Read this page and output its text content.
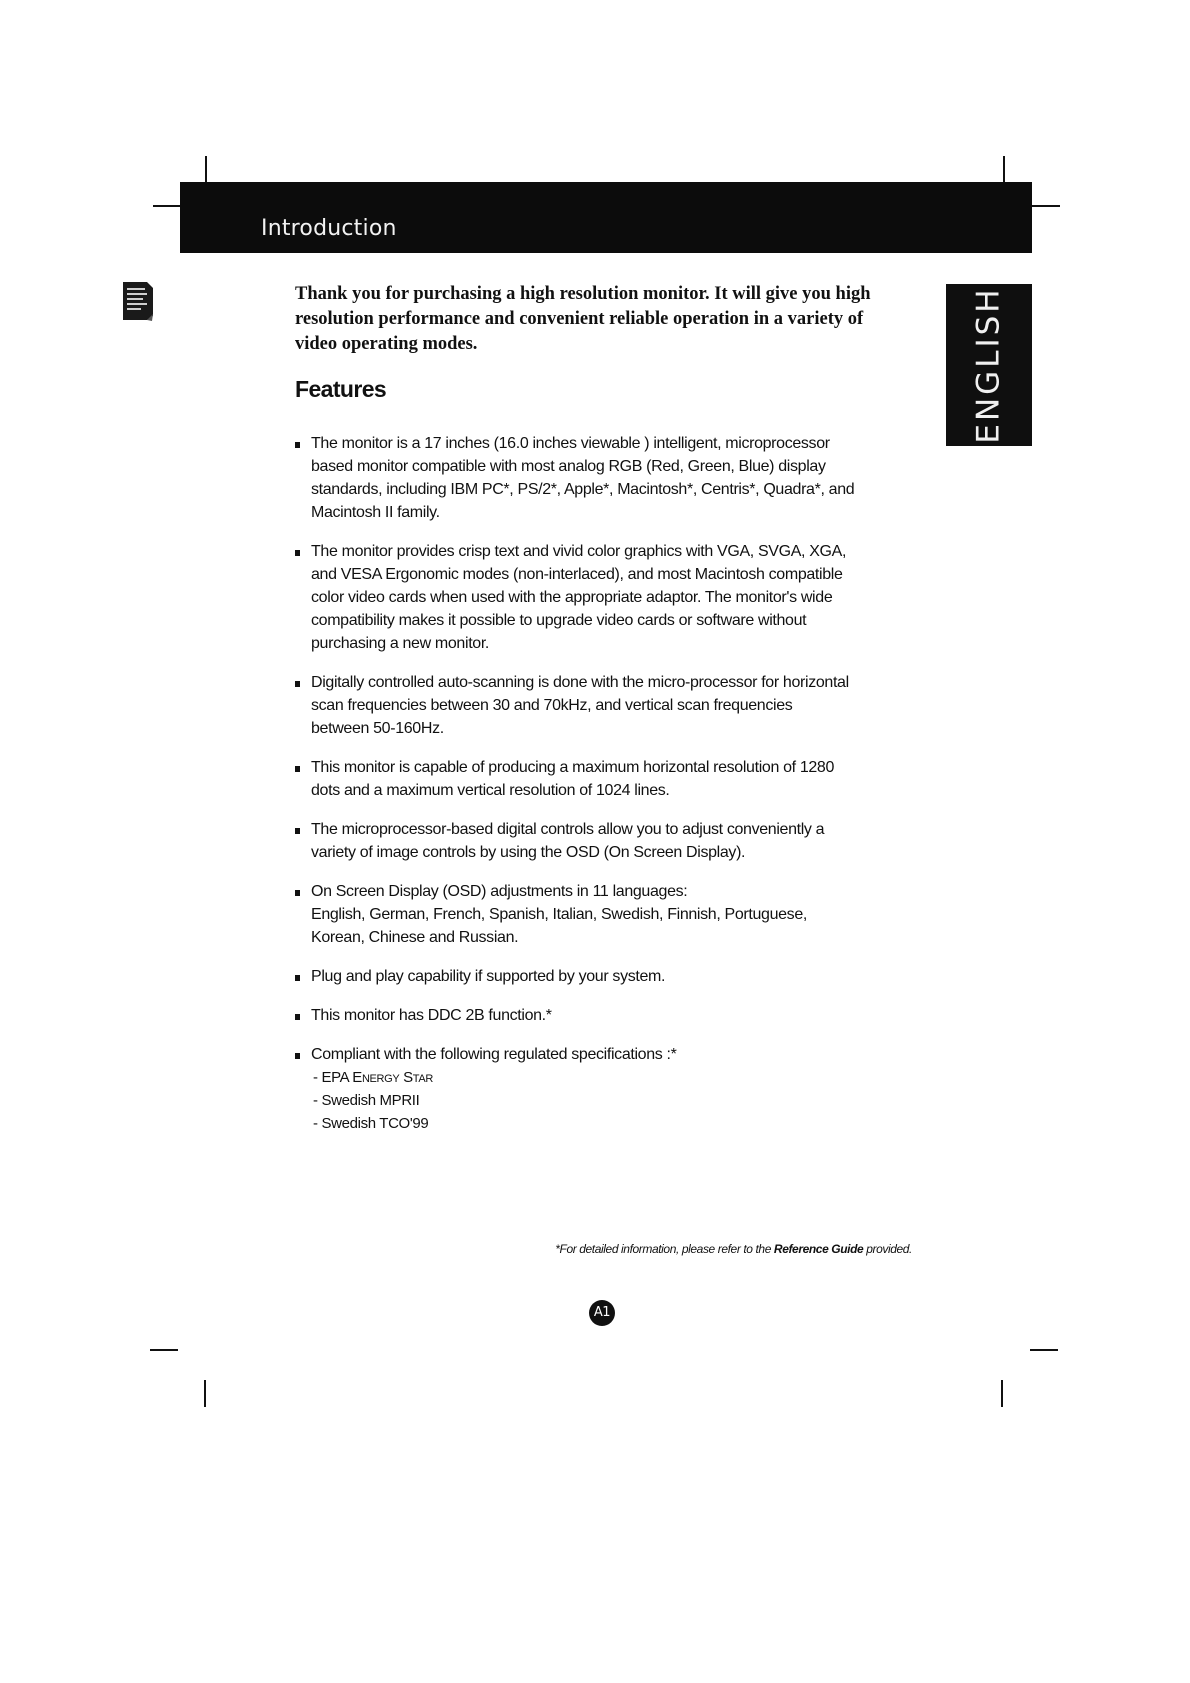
Introduction
ENGLISH
Thank you for purchasing a high resolution monitor. It will give you high
resolution performance and convenient reliable operation in a variety of
video operating modes.
Features
The monitor is a 17 inches (16.0 inches viewable ) intelligent, microprocessor
based monitor compatible with most analog RGB (Red, Green, Blue) display
standards, including IBM PC*, PS/2*, Apple*, Macintosh*, Centris*, Quadra*, and
Macintosh II family.
The monitor provides crisp text and vivid color graphics with VGA, SVGA, XGA,
and VESA Ergonomic modes (non-interlaced), and most Macintosh compatible
color video cards when used with the appropriate adaptor. The monitor's wide
compatibility makes it possible to upgrade video cards or software without
purchasing a new monitor.
Digitally controlled auto-scanning is done with the micro-processor for horizontal
scan frequencies between 30 and 70kHz, and vertical scan frequencies
between 50-160Hz.
This monitor is capable of producing a maximum horizontal resolution of 1280
dots and a maximum vertical resolution of 1024 lines.
The microprocessor-based digital controls allow you to adjust conveniently a
variety of image controls by using the OSD (On Screen Display).
On Screen Display (OSD) adjustments in 11 languages:
English, German, French, Spanish, Italian, Swedish, Finnish, Portuguese,
Korean, Chinese and Russian.
Plug and play capability if supported by your system.
This monitor has DDC 2B function.*
Compliant with the following regulated specifications :*
- EPA Energy Star
- Swedish MPRII
- Swedish TCO'99
*For detailed information, please refer to the Reference Guide provided.
A1
